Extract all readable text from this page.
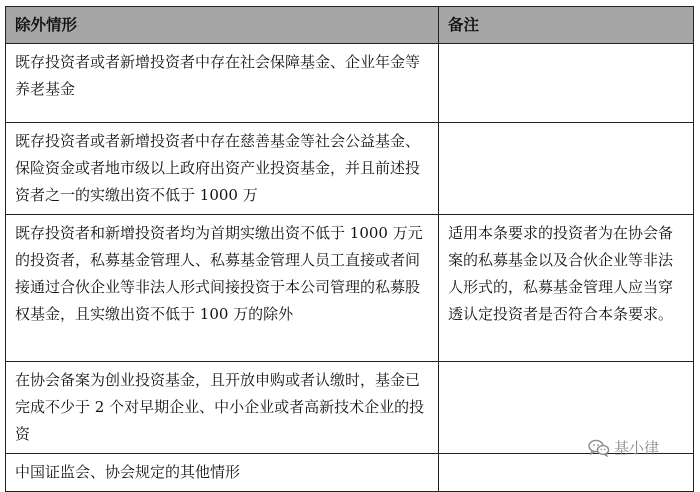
除外情形	备注
既存投资者或者新增投资者中存在社会保障基金、企业年金等养老基金	
既存投资者或者新增投资者中存在慈善基金等社会公益基金、保险资金或者地市级以上政府出资产业投资基金，并且前述投资者之一的实缴出资不低于 1000 万	
既存投资者和新增投资者均为首期实缴出资不低于 1000 万元的投资者，私募基金管理人、私募基金管理人员工直接或者间接通过合伙企业等非法人形式间接投资于本公司管理的私募股权基金，且实缴出资不低于 100 万的除外	适用本条要求的投资者为在协会备案的私募基金以及合伙企业等非法人形式的，私募基金管理人应当穿透认定投资者是否符合本条要求。
在协会备案为创业投资基金，且开放申购或者认缴时，基金已完成不少于 2 个对早期企业、中小企业或者高新技术企业的投资	
中国证监会、协会规定的其他情形	
基小律
